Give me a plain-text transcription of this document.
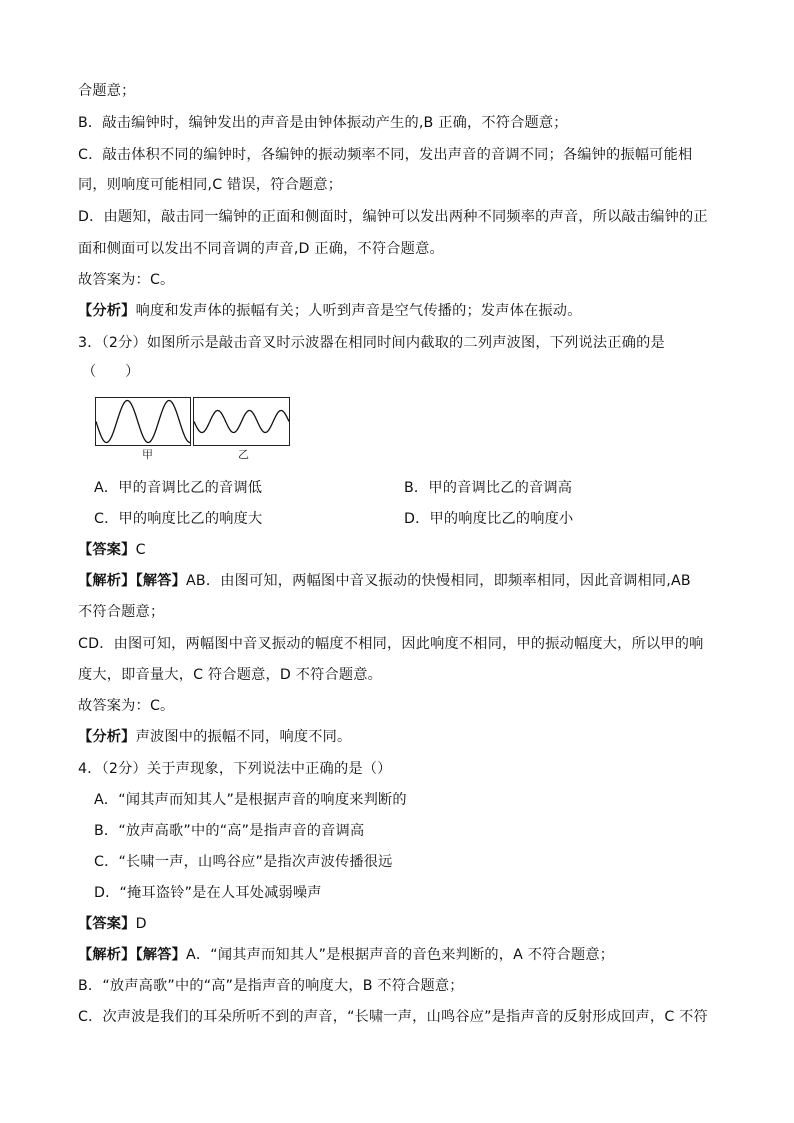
合题意；
B．敲击编钟时，编钟发出的声音是由钟体振动产生的,B 正确，不符合题意；
C．敲击体积不同的编钟时，各编钟的振动频率不同，发出声音的音调不同；各编钟的振幅可能相
同，则响度可能相同,C 错误，符合题意；
D．由题知，敲击同一编钟的正面和侧面时，编钟可以发出两种不同频率的声音，所以敲击编钟的正
面和侧面可以发出不同音调的声音,D 正确，不符合题意。
故答案为：C。
【分析】响度和发声体的振幅有关；人听到声音是空气传播的；发声体在振动。
3．（2分）如图所示是敲击音叉时示波器在相同时间内截取的二列声波图，下列说法正确的是
（　　）
甲	乙
A．甲的音调比乙的音调低	B．甲的音调比乙的音调高
C．甲的响度比乙的响度大	D．甲的响度比乙的响度小
【答案】C
【解析】【解答】AB．由图可知，两幅图中音叉振动的快慢相同，即频率相同，因此音调相同,AB
不符合题意；
CD．由图可知，两幅图中音叉振动的幅度不相同，因此响度不相同，甲的振动幅度大，所以甲的响
度大，即音量大，C 符合题意，D 不符合题意。
故答案为：C。
【分析】声波图中的振幅不同，响度不同。
4．（2分）关于声现象，下列说法中正确的是（）
A．“闻其声而知其人”是根据声音的响度来判断的
B．“放声高歌”中的“高”是指声音的音调高
C．“长啸一声，山鸣谷应”是指次声波传播很远
D．“掩耳盗铃”是在人耳处减弱噪声
【答案】D
【解析】【解答】A．“闻其声而知其人”是根据声音的音色来判断的，A 不符合题意；
B．“放声高歌”中的“高”是指声音的响度大，B 不符合题意；
C．次声波是我们的耳朵所听不到的声音，“长啸一声，山鸣谷应”是指声音的反射形成回声，C 不符
